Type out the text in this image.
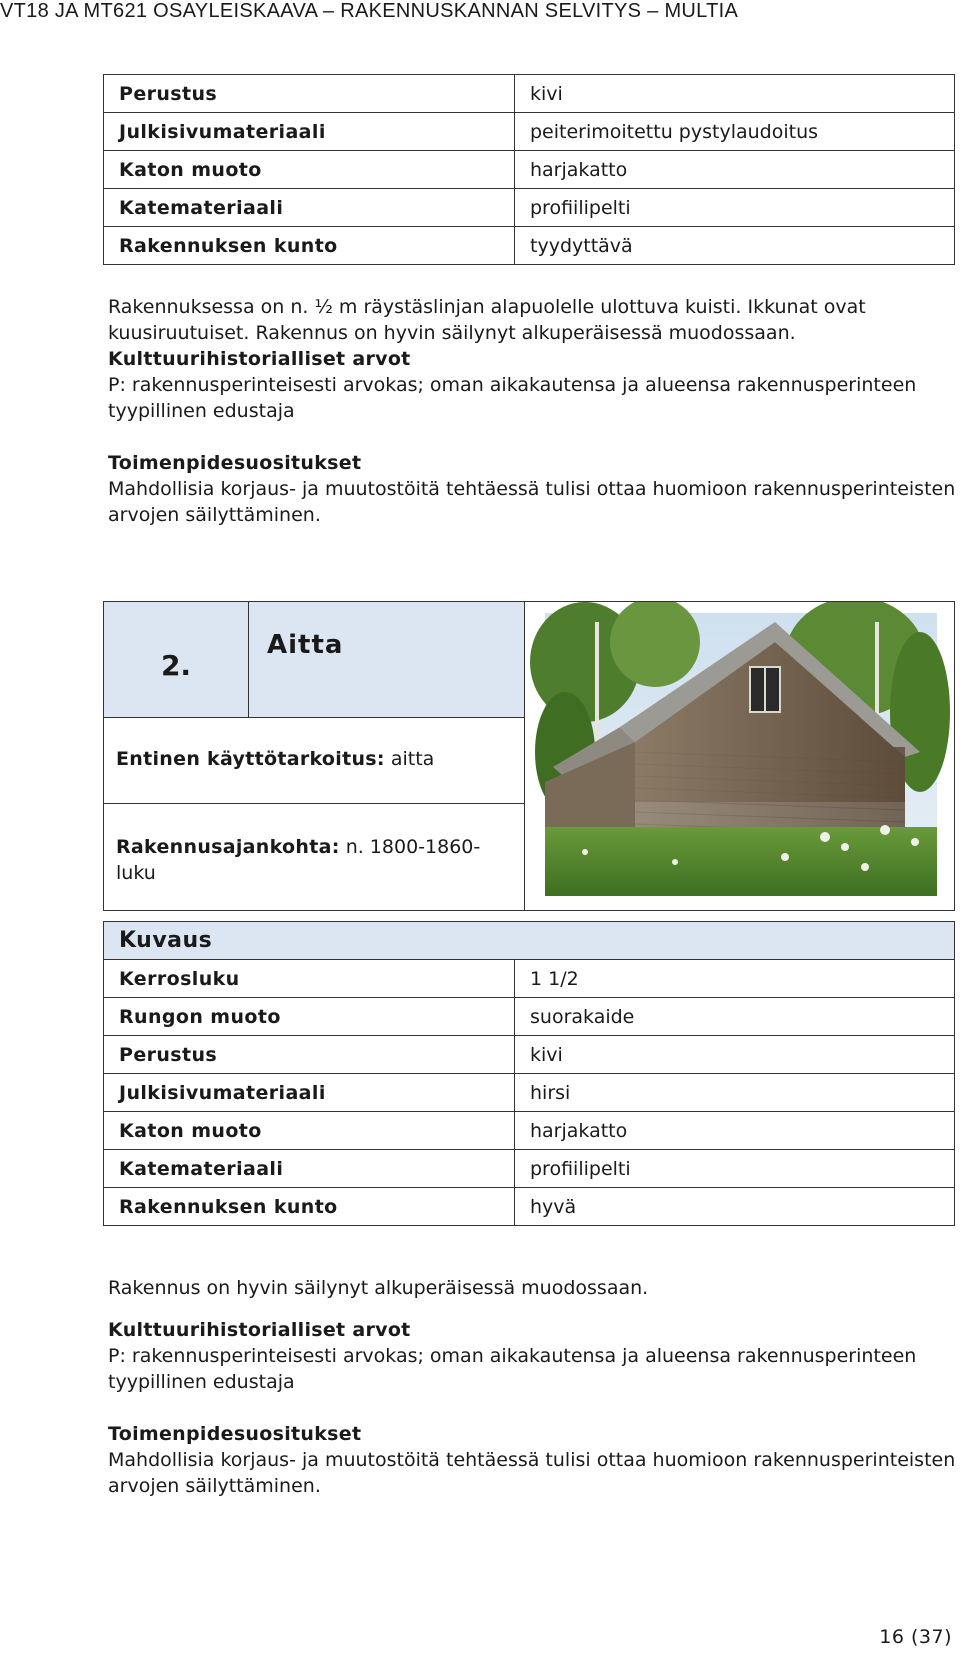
VT18 JA MT621 OSAYLEISKAAVA – RAKENNUSKANNAN SELVITYS – MULTIA
Perustus	kivi
Julkisivumateriaali	peiterimoitettu pystylaudoitus
Katon muoto	harjakatto
Katemateriaali	profiilipelti
Rakennuksen kunto	tyydyttävä

Rakennuksessa on n. ½ m räystäslinjan alapuolelle ulottuva kuisti. Ikkunat ovat kuusiruutuiset. Rakennus on hyvin säilynyt alkuperäisessä muodossaan.

Kulttuurihistorialliset arvot

P: rakennusperinteisesti arvokas; oman aikakautensa ja alueensa rakennusperinteen tyypillinen edustaja

Toimenpidesuositukset

Mahdollisia korjaus- ja muutostöitä tehtäessä tulisi ottaa huomioon rakennusperinteisten arvojen säilyttäminen.

2.
Aitta
Entinen käyttötarkoitus: aitta
Rakennusajankohta: n. 1800-1860-luku
Kuvaus	
Kerrosluku	1 1/2
Rungon muoto	suorakaide
Perustus	kivi
Julkisivumateriaali	hirsi
Katon muoto	harjakatto
Katemateriaali	profiilipelti
Rakennuksen kunto	hyvä

Rakennus on hyvin säilynyt alkuperäisessä muodossaan.

Kulttuurihistorialliset arvot

P: rakennusperinteisesti arvokas; oman aikakautensa ja alueensa rakennusperinteen tyypillinen edustaja

Toimenpidesuositukset

Mahdollisia korjaus- ja muutostöitä tehtäessä tulisi ottaa huomioon rakennusperinteisten arvojen säilyttäminen.

16 (37)
